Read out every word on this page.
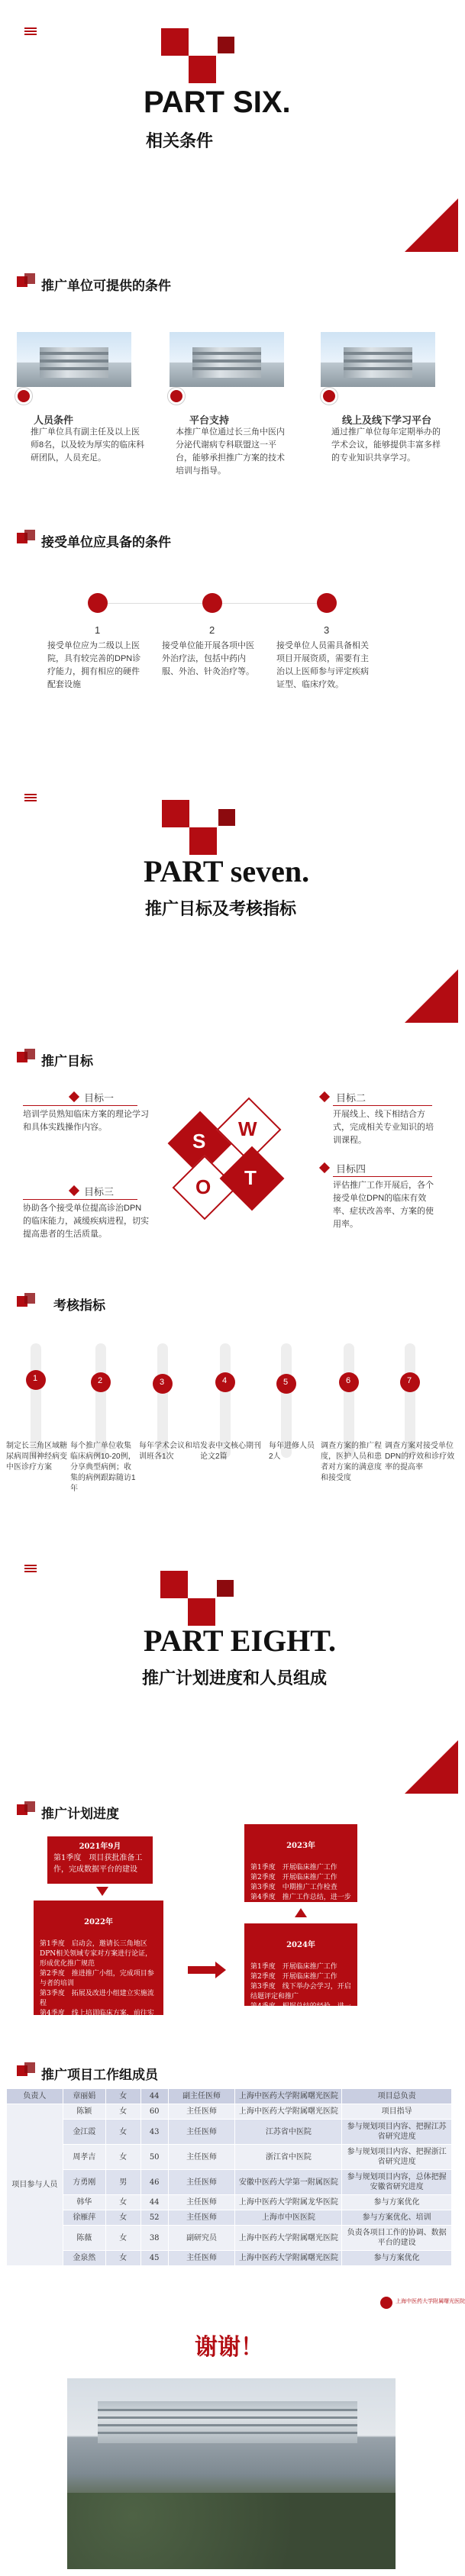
PART SIX.
相关条件
推广单位可提供的条件
人员条件
推广单位具有副主任及以上医师8名，以及较为厚实的临床科研团队，人员充足。
平台支持
本推广单位通过长三角中医内分泌代谢病专科联盟这一平台，能够承担推广方案的技术培训与指导。
线上及线下学习平台
通过推广单位每年定期举办的学术会议，能够提供丰富多样的专业知识共享学习。
接受单位应具备的条件
1	2	3
接受单位应为二级以上医院，具有较完善的DPN诊疗能力，拥有相应的硬件配套设施
接受单位能开展各项中医外治疗法，包括中药内服、外治、针灸治疗等。
接受单位人员需具备相关项目开展资质，需要有主治以上医师参与评定疾病证型、临床疗效。
PART seven.
推广目标及考核指标
推广目标
目标一
培训学员熟知临床方案的理论学习和具体实践操作内容。
目标二
开展线上、线下相结合方式，完成相关专业知识的培训课程。
目标三
协助各个接受单位提高诊治DPN的临床能力，减缓疾病进程，切实提高患者的生活质量。
目标四
评估推广工作开展后，各个接受单位DPN的临床有效率、症状改善率、方案的使用率。
S
W
O T
考核指标
1	2	3	4	5	6	7
制定长三角区域糖尿病周围神经病变中医诊疗方案
每个推广单位收集临床病例10-20例，分享典型病例；收集的病例跟踪随访1年
每年学术会议和培训班各1次
发表中文核心期刊论文2篇
每年进修人员2人
调查方案的推广程度，医护人员和患者对方案的满意度和接受度
调查方案对接受单位DPN的疗效和诊疗效率的提高率
PART EIGHT.
推广计划进度和人员组成
推广计划进度
2021年9月
第1季度　项目获批准备工作，完成数据平台的建设

2022年

第1季度　启动会，邀请长三角地区DPN相关领域专家对方案进行论证，形成优化推广规范
第2季度　推进推广小组，完成项目参与者的培训
第3季度　拓展及改进小组建立实施流程
第4季度　线上培训临床方案，前往实施过程中可能出现的问题

2023年

第1季度　开展临床推广工作
第2季度　开展临床推广工作
第3季度　中期推广工作检查
第4季度　推广工作总结，进一步优化方案，并完成满意度的调查汇总，西苑推广方案

2024年

第1季度　开展临床推广工作
第2季度　开展临床推广工作
第3季度　线下举办会学习，开启结题评定和推广
第4季度　根据总结的经验，进一步开展临床推广工作

推广项目工作组成员
负责人	章丽娟	女	44	副主任医师	上海中医药大学附属曙光医院	项目总负责
项目参与人员	陈颖	女	60	主任医师	上海中医药大学附属曙光医院	项目指导
	金江霞	女	43	主任医师	江苏省中医院	参与规划项目内容、把握江苏省研究进度
	周孝吉	女	50	主任医师	浙江省中医院	参与规划项目内容、把握浙江省研究进度
	方勇刚	男	46	主任医师	安徽中医药大学第一附属医院	参与规划项目内容，总体把握安徽省研究进度
	韩华	女	44	主任医师	上海中医药大学附属龙华医院	参与方案优化
	徐雁萍	女	52	主任医师	上海市中医医院	参与方案优化、培训
	陈薇	女	38	副研究员	上海中医药大学附属曙光医院	负责各项目工作的协调、数据平台的建设
	金泉然	女	45	主任医师	上海中医药大学附属曙光医院	参与方案优化
上海中医药大学附属曙光医院
谢谢！
